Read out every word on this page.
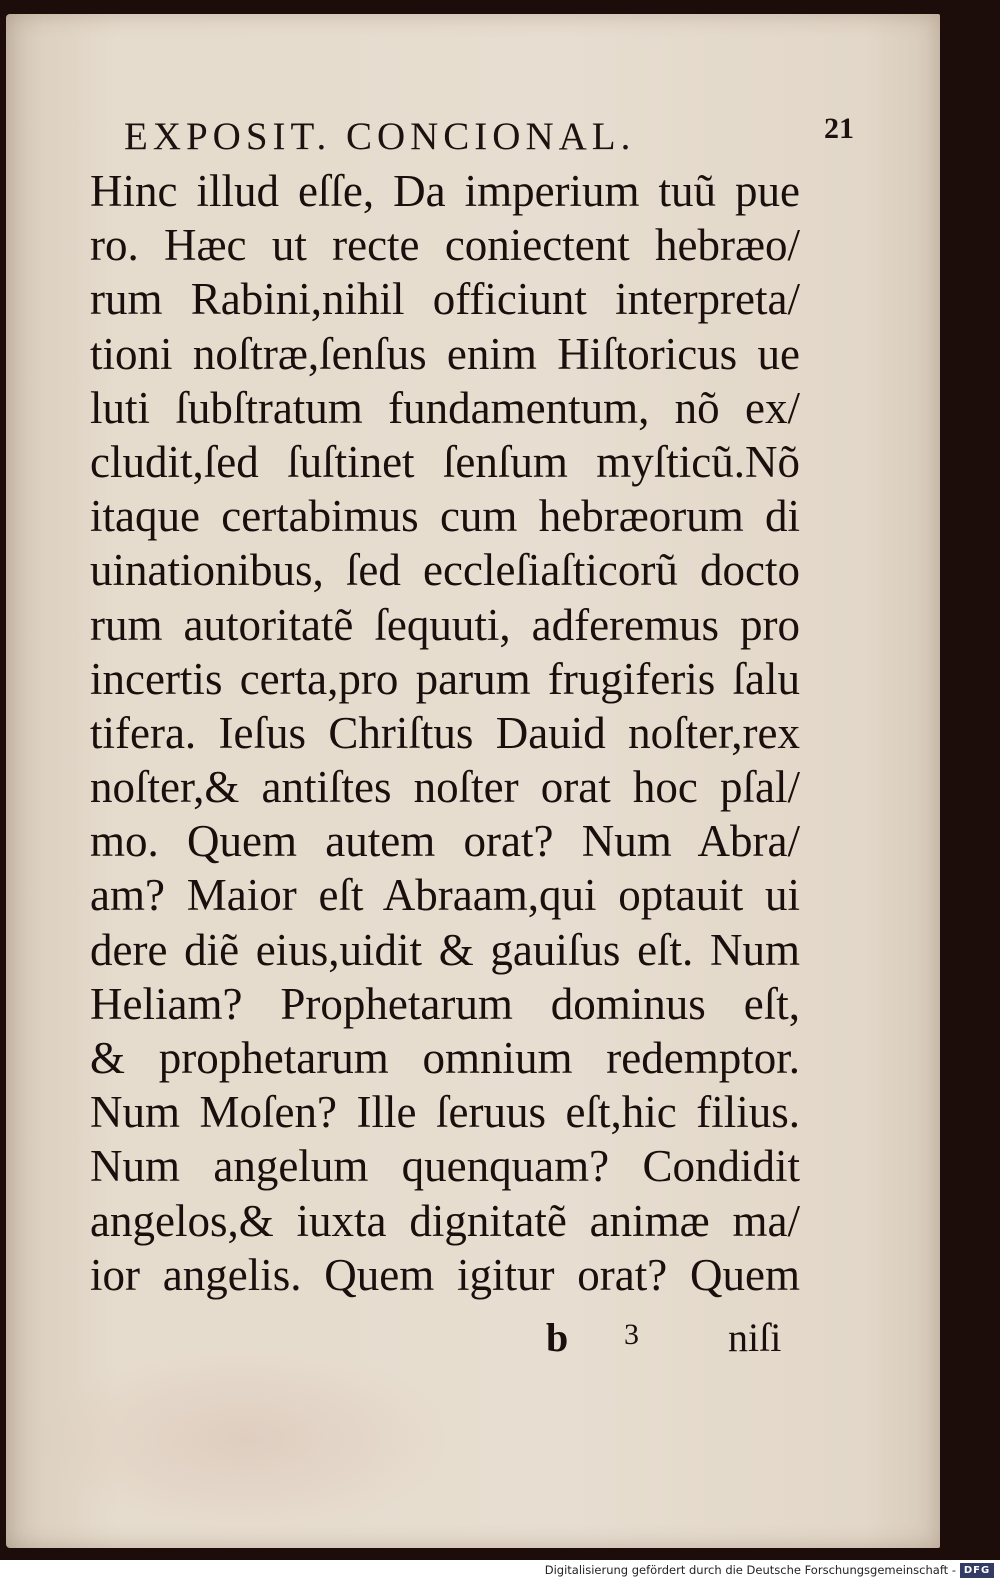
EXPOSIT. CONCIONAL.	21
Hinc illud eſſe, Da imperium tuũ pue
ro. Hæc ut recte coniectent hebræo/
rum Rabini,nihil officiunt interpreta/
tioni noſtræ,ſenſus enim Hiſtoricus ue
luti ſubſtratum fundamentum, nõ ex/
cludit,ſed ſuſtinet ſenſum myſticũ.Nõ
itaque certabimus cum hebræorum di
uinationibus, ſed eccleſiaſticorũ docto
rum autoritatẽ ſequuti, adferemus pro
incertis certa,pro parum frugiferis ſalu
tifera. Ieſus Chriſtus Dauid noſter,rex
noſter,& antiſtes noſter orat hoc pſal/
mo. Quem autem orat? Num Abra/
am? Maior eſt Abraam,qui optauit ui
dere diẽ eius,uidit & gauiſus eſt. Num
Heliam? Prophetarum dominus eſt,
& prophetarum omnium redemptor.
Num Moſen? Ille ſeruus eſt,hic filius.
Num angelum quenquam? Condidit
angelos,& iuxta dignitatẽ animæ ma/
ior angelis. Quem igitur orat? Quem
b 3 niſi
Digitalisierung gefördert durch die Deutsche Forschungsgemeinschaft - DFG
